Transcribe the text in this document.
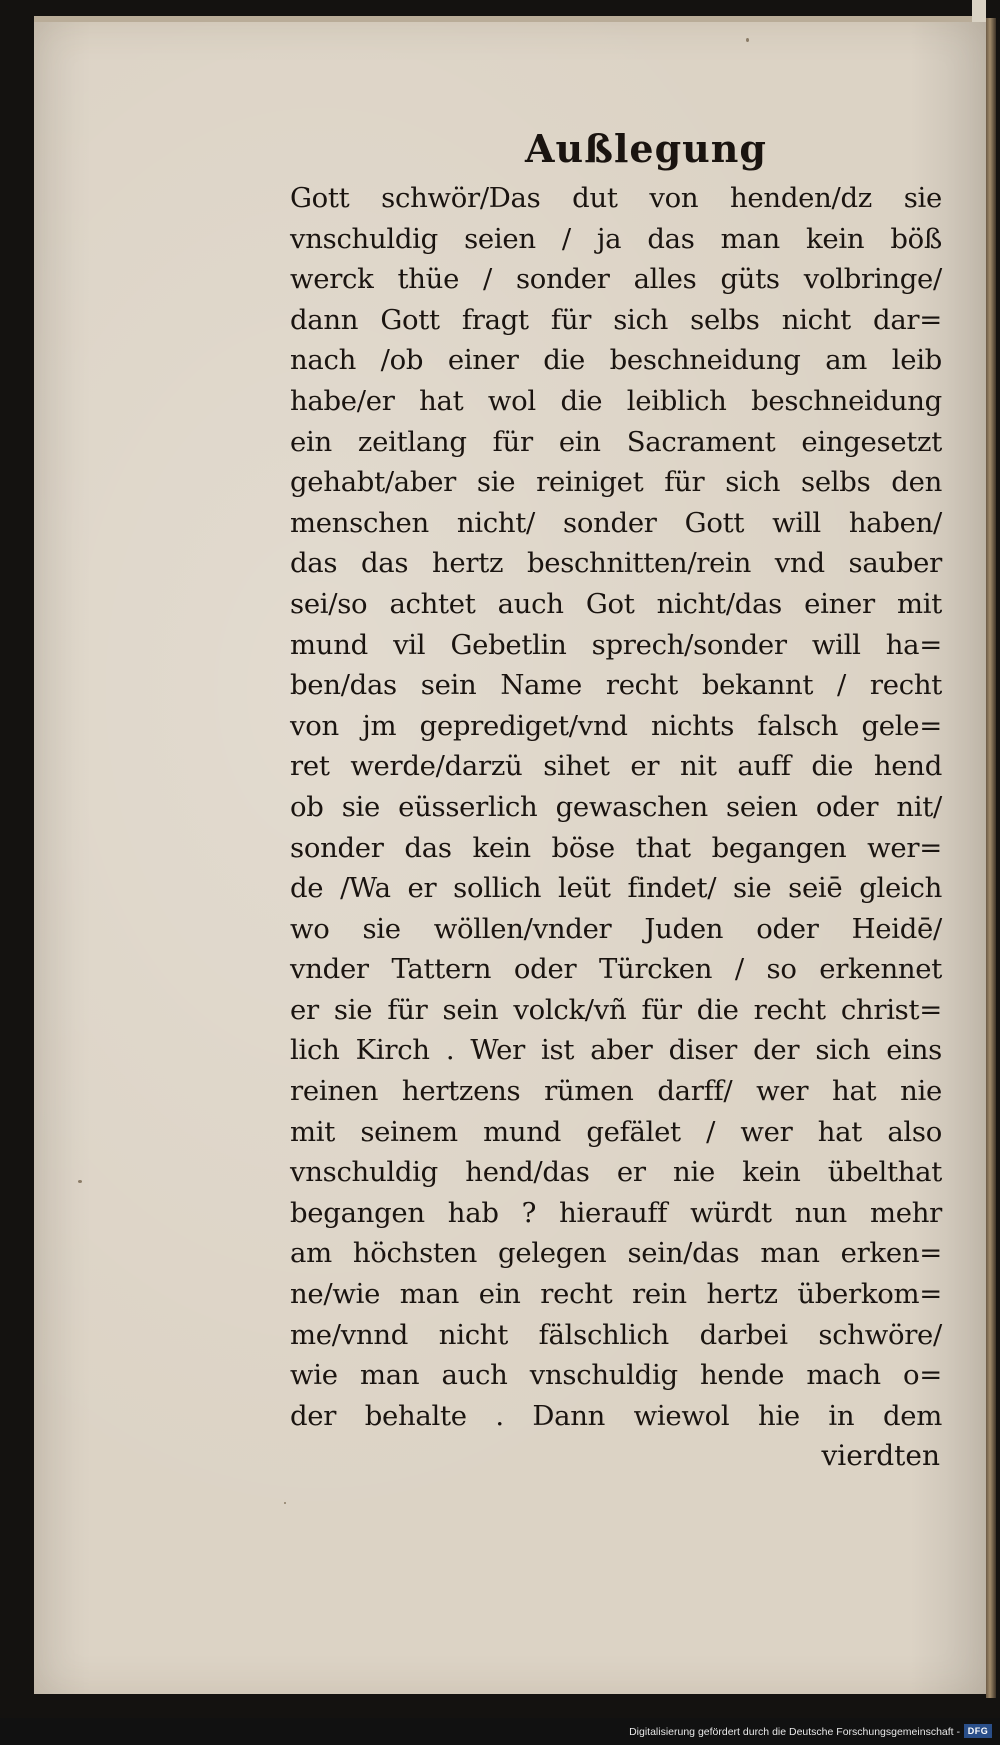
Außlegung
Gott schwör/Das dut von henden/dz sie
vnschuldig seien / ja das man kein böß
werck thüe / sonder alles güts volbringe/
dann Gott fragt für sich selbs nicht dar=
nach /ob einer die beschneidung am leib
habe/er hat wol die leiblich beschneidung
ein zeitlang für ein Sacrament eingesetzt
gehabt/aber sie reiniget für sich selbs den
menschen nicht/ sonder Gott will haben/
das das hertz beschnitten/rein vnd sauber
sei/so achtet auch Got nicht/das einer mit
mund vil Gebetlin sprech/sonder will ha=
ben/das sein Name recht bekannt / recht
von jm geprediget/vnd nichts falsch gele=
ret werde/darzü sihet er nit auff die hend
ob sie eüsserlich gewaschen seien oder nit/
sonder das kein böse that begangen wer=
de /Wa er sollich leüt findet/ sie seiē gleich
wo sie wöllen/vnder Juden oder Heidē/
vnder Tattern oder Türcken / so erkennet
er sie für sein volck/vñ für die recht christ=
lich Kirch . Wer ist aber diser der sich eins
reinen hertzens rümen darff/ wer hat nie
mit seinem mund gefälet / wer hat also
vnschuldig hend/das er nie kein übelthat
begangen hab ? hierauff würdt nun mehr
am höchsten gelegen sein/das man erken=
ne/wie man ein recht rein hertz überkom=
me/vnnd nicht fälschlich darbei schwöre/
wie man auch vnschuldig hende mach o=
der behalte . Dann wiewol hie in dem
vierdten
Digitalisierung gefördert durch die Deutsche Forschungsgemeinschaft - DFG
